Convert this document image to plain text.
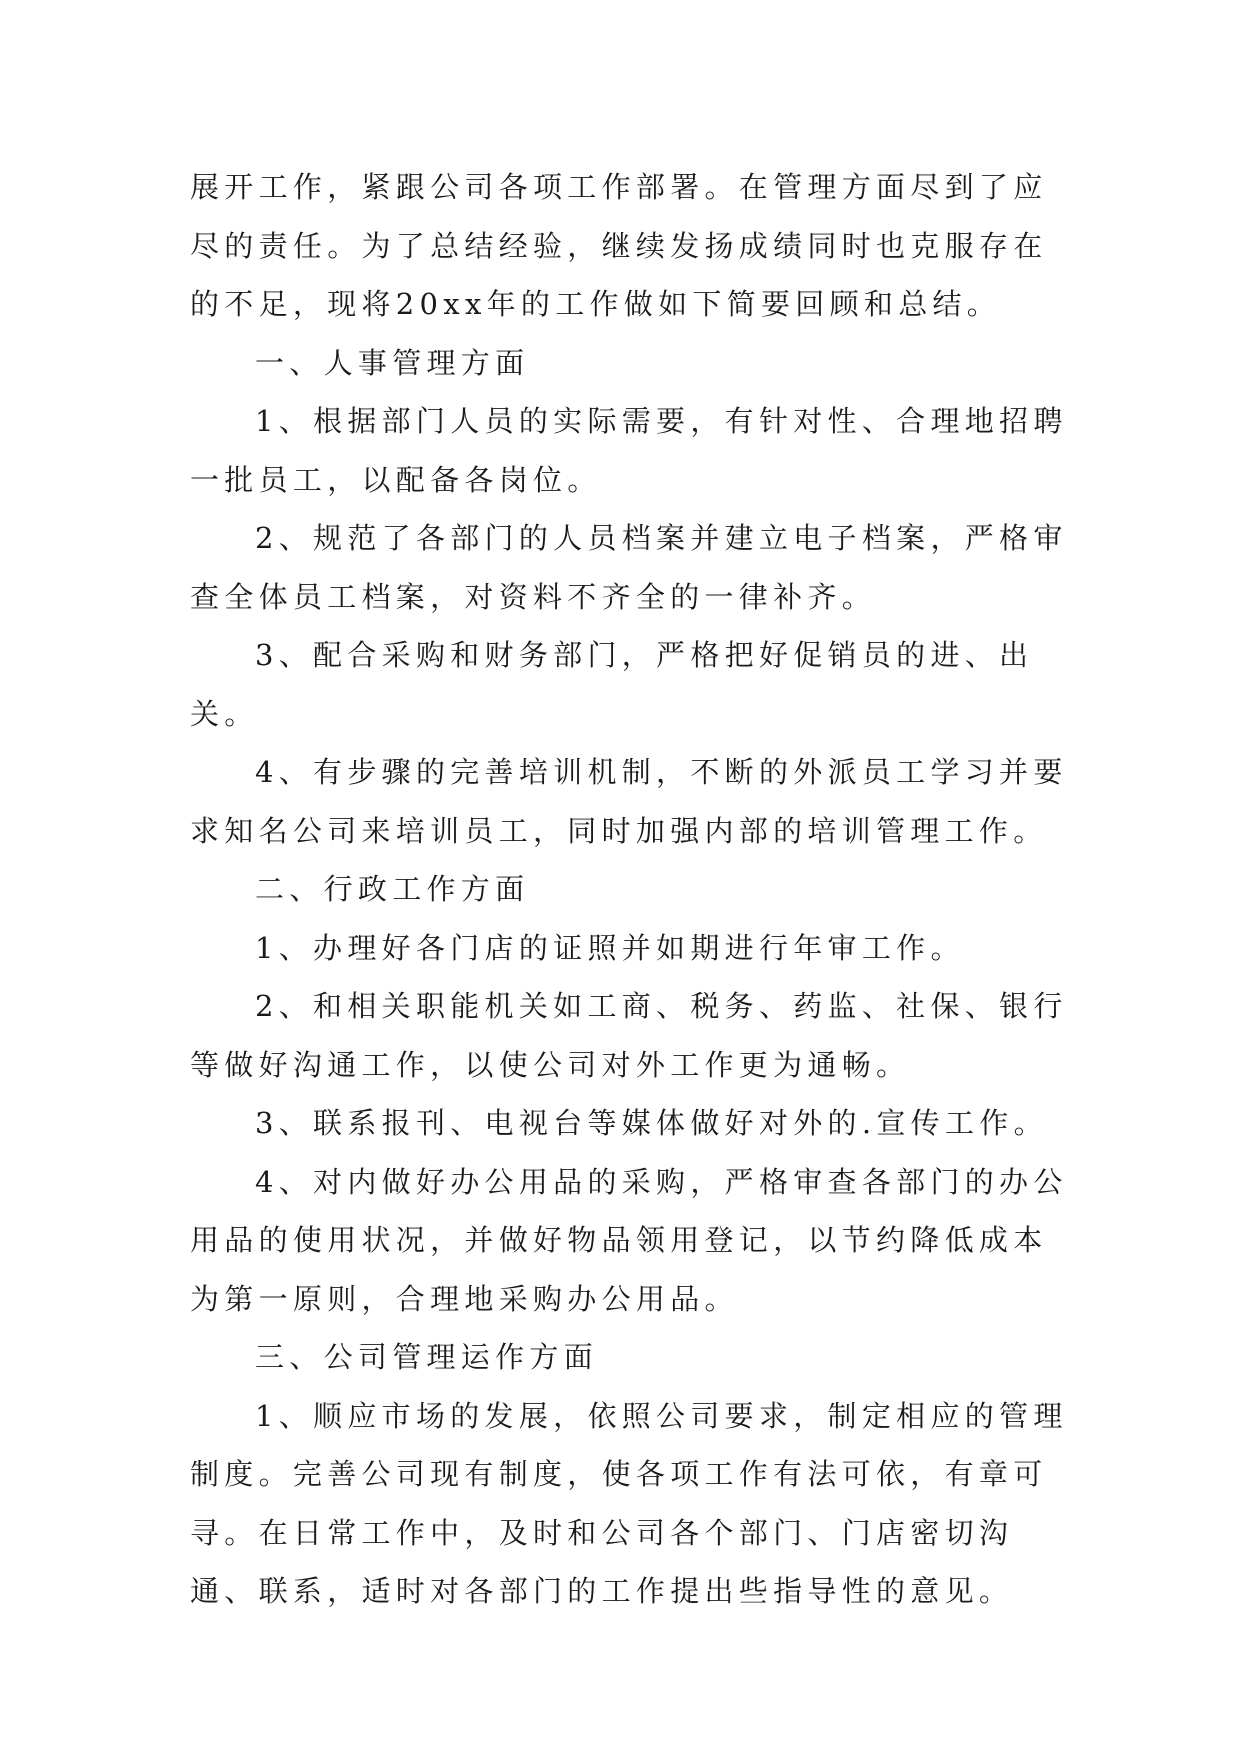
展开工作，紧跟公司各项工作部署。在管理方面尽到了应尽的责任。为了总结经验，继续发扬成绩同时也克服存在的不足，现将20xx年的工作做如下简要回顾和总结。

一、人事管理方面

1、根据部门人员的实际需要，有针对性、合理地招聘一批员工，以配备各岗位。

2、规范了各部门的人员档案并建立电子档案，严格审查全体员工档案，对资料不齐全的一律补齐。

3、配合采购和财务部门，严格把好促销员的进、出关。

4、有步骤的完善培训机制，不断的外派员工学习并要求知名公司来培训员工，同时加强内部的培训管理工作。

二、行政工作方面

1、办理好各门店的证照并如期进行年审工作。

2、和相关职能机关如工商、税务、药监、社保、银行等做好沟通工作，以使公司对外工作更为通畅。

3、联系报刊、电视台等媒体做好对外的.宣传工作。

4、对内做好办公用品的采购，严格审查各部门的办公用品的使用状况，并做好物品领用登记，以节约降低成本为第一原则，合理地采购办公用品。

三、公司管理运作方面

1、顺应市场的发展，依照公司要求，制定相应的管理制度。完善公司现有制度，使各项工作有法可依，有章可寻。在日常工作中，及时和公司各个部门、门店密切沟通、联系，适时对各部门的工作提出些指导性的意见。
